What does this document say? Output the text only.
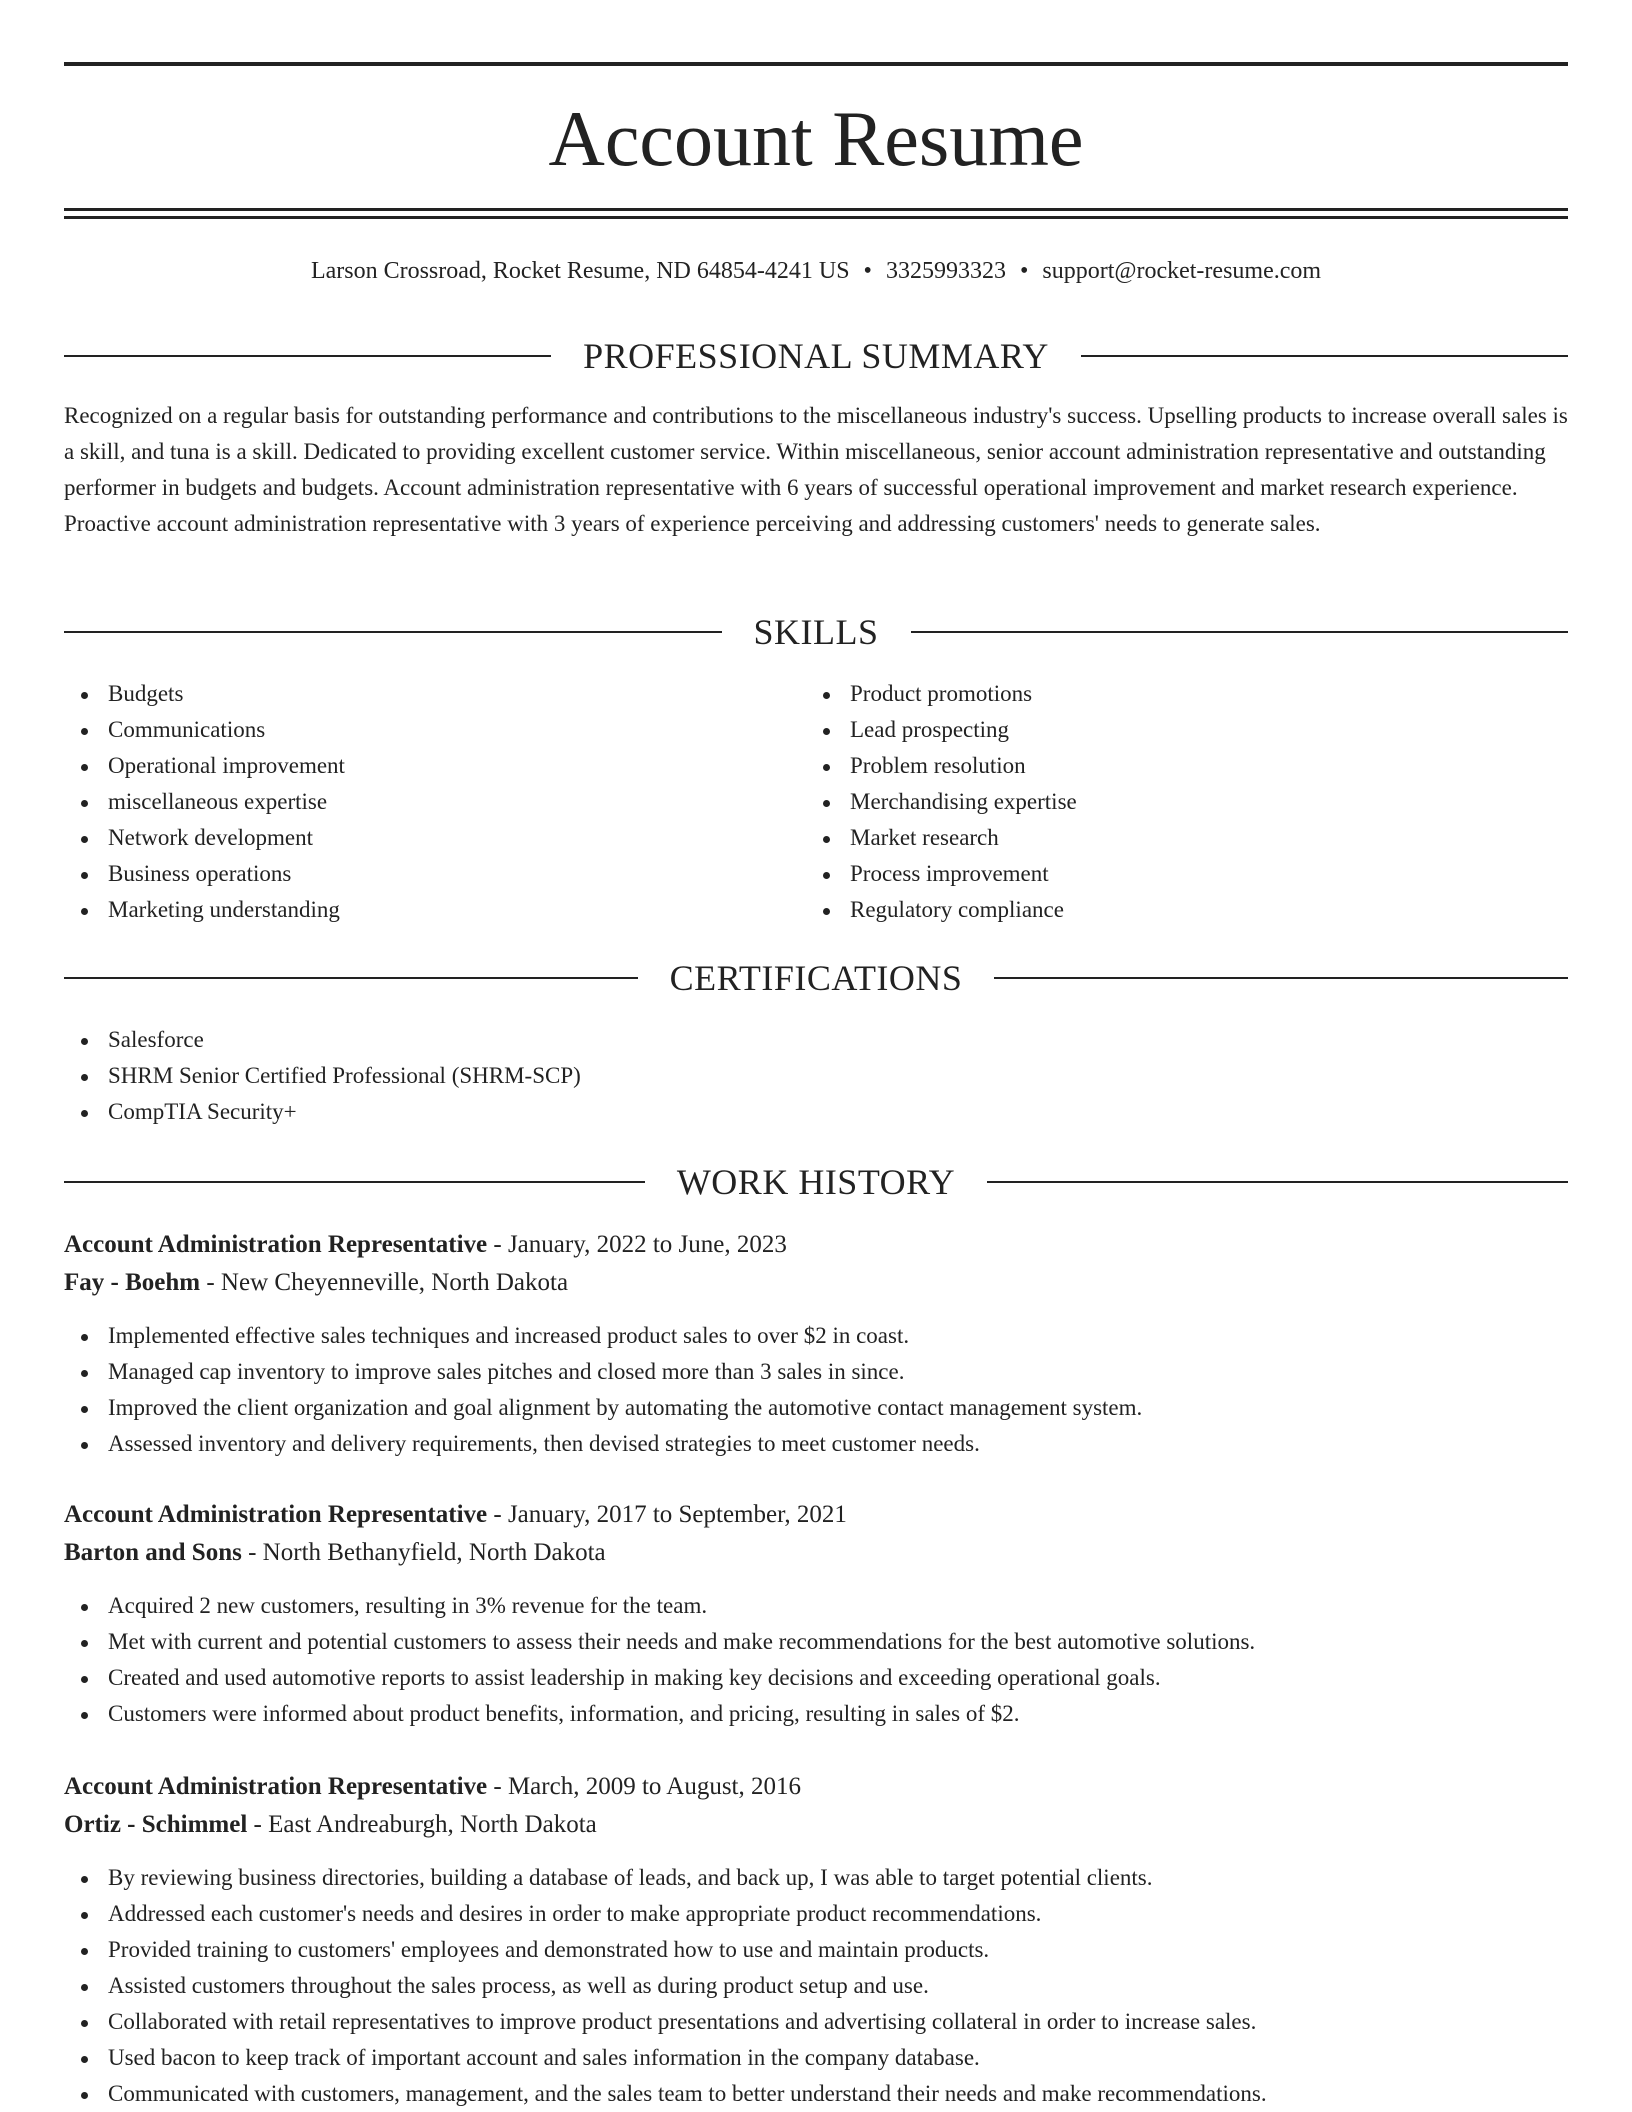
Account Resume
Larson Crossroad, Rocket Resume, ND 64854-4241 US • 3325993323 • support@rocket-resume.com
PROFESSIONAL SUMMARY

Recognized on a regular basis for outstanding performance and contributions to the miscellaneous industry's success. Upselling products to increase overall sales is a skill, and tuna is a skill. Dedicated to providing excellent customer service. Within miscellaneous, senior account administration representative and outstanding performer in budgets and budgets. Account administration representative with 6 years of successful operational improvement and market research experience. Proactive account administration representative with 3 years of experience perceiving and addressing customers' needs to generate sales.

SKILLS
Budgets
Communications
Operational improvement
miscellaneous expertise
Network development
Business operations
Marketing understanding
Product promotions
Lead prospecting
Problem resolution
Merchandising expertise
Market research
Process improvement
Regulatory compliance
CERTIFICATIONS
Salesforce
SHRM Senior Certified Professional (SHRM-SCP)
CompTIA Security+
WORK HISTORY
Account Administration Representative - January, 2022 to June, 2023
Fay - Boehm - New Cheyenneville, North Dakota
Implemented effective sales techniques and increased product sales to over $2 in coast.
Managed cap inventory to improve sales pitches and closed more than 3 sales in since.
Improved the client organization and goal alignment by automating the automotive contact management system.
Assessed inventory and delivery requirements, then devised strategies to meet customer needs.
Account Administration Representative - January, 2017 to September, 2021
Barton and Sons - North Bethanyfield, North Dakota
Acquired 2 new customers, resulting in 3% revenue for the team.
Met with current and potential customers to assess their needs and make recommendations for the best automotive solutions.
Created and used automotive reports to assist leadership in making key decisions and exceeding operational goals.
Customers were informed about product benefits, information, and pricing, resulting in sales of $2.
Account Administration Representative - March, 2009 to August, 2016
Ortiz - Schimmel - East Andreaburgh, North Dakota
By reviewing business directories, building a database of leads, and back up, I was able to target potential clients.
Addressed each customer's needs and desires in order to make appropriate product recommendations.
Provided training to customers' employees and demonstrated how to use and maintain products.
Assisted customers throughout the sales process, as well as during product setup and use.
Collaborated with retail representatives to improve product presentations and advertising collateral in order to increase sales.
Used bacon to keep track of important account and sales information in the company database.
Communicated with customers, management, and the sales team to better understand their needs and make recommendations.
